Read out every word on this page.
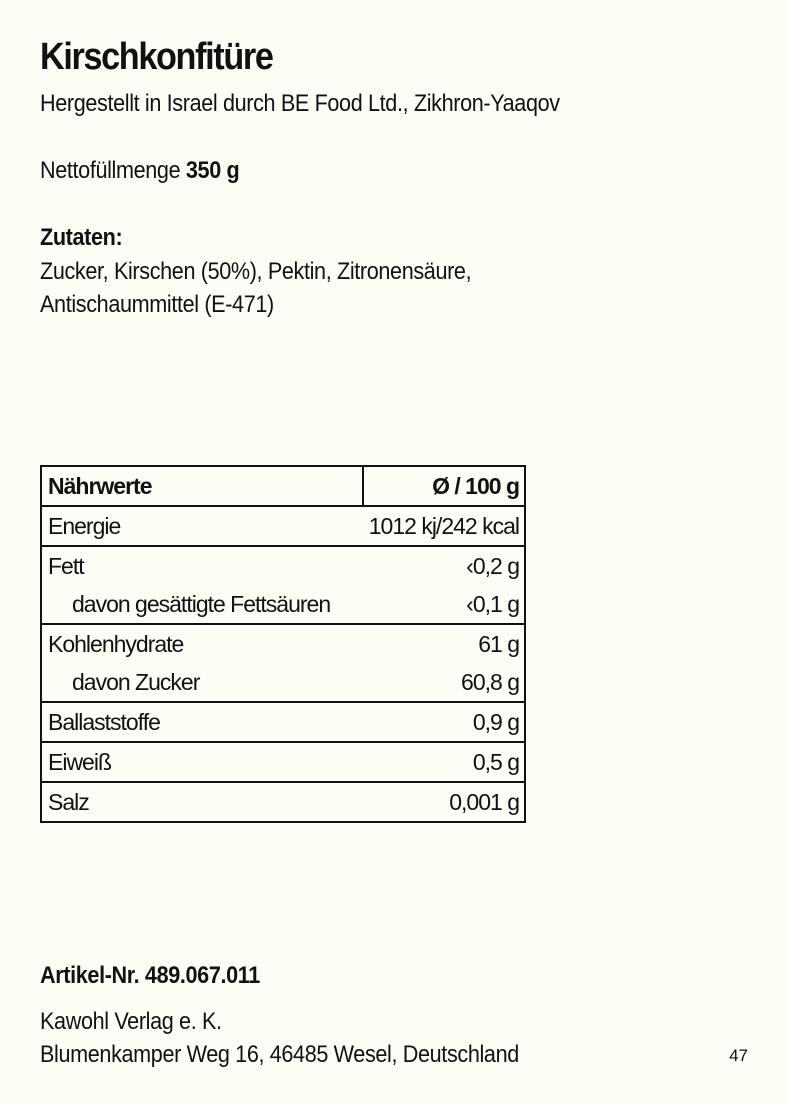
Kirschkonfitüre
Hergestellt in Israel durch BE Food Ltd., Zikhron-Yaaqov
Nettofüllmenge 350 g
Zutaten:
Zucker, Kirschen (50%), Pektin, Zitronensäure,
Antischaummittel (E-471)
Nährwerte	Ø / 100 g
Energie	1012 kj/242 kcal
Fett	‹0,2 g
davon gesättigte Fettsäuren	‹0,1 g
Kohlenhydrate	61 g
davon Zucker	60,8 g
Ballaststoffe	0,9 g
Eiweiß	0,5 g
Salz	0,001 g
Artikel-Nr. 489.067.011
Kawohl Verlag e. K.
Blumenkamper Weg 16, 46485 Wesel, Deutschland	47
